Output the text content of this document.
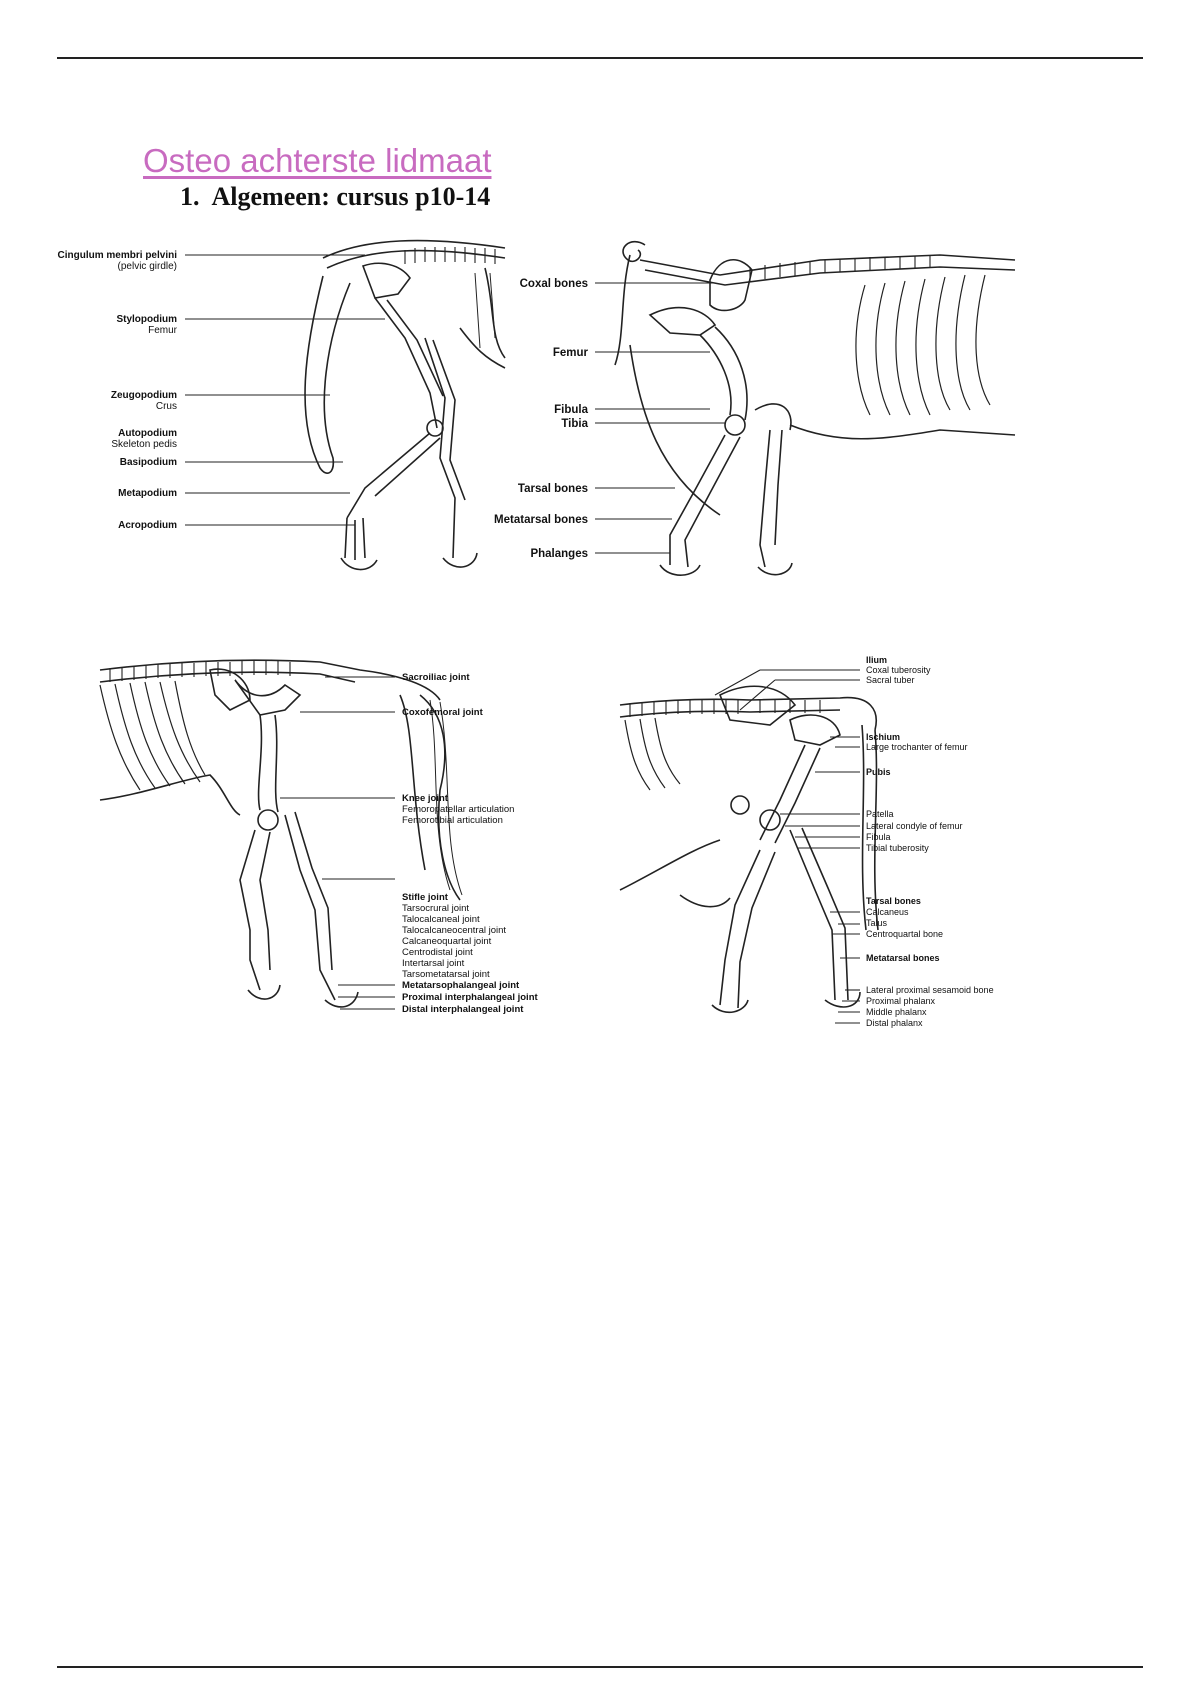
Osteo achterste lidmaat
1. Algemeen: cursus p10-14
Cingulum membri pelvini
(pelvic girdle)
Stylopodium
Femur
Zeugopodium
Crus
Autopodium
Skeleton pedis
Basipodium
Metapodium
Acropodium
Coxal bones
Femur
Fibula
Tibia
Tarsal bones
Metatarsal bones
Phalanges
Sacroiliac joint
Coxofemoral joint
Knee joint
Femoropatellar articulation
Femorotibial articulation
Stifle joint
Tarsocrural joint
Talocalcaneal joint
Talocalcaneocentral joint
Calcaneoquartal joint
Centrodistal joint
Intertarsal joint
Tarsometatarsal joint
Metatarsophalangeal joint
Proximal interphalangeal joint
Distal interphalangeal joint
Ilium
Coxal tuberosity
Sacral tuber
Ischium
Large trochanter of femur
Pubis
Patella
Lateral condyle of femur
Fibula
Tibial tuberosity
Tarsal bones
Calcaneus
Talus
Centroquartal bone
Metatarsal bones
Lateral proximal sesamoid bone
Proximal phalanx
Middle phalanx
Distal phalanx
